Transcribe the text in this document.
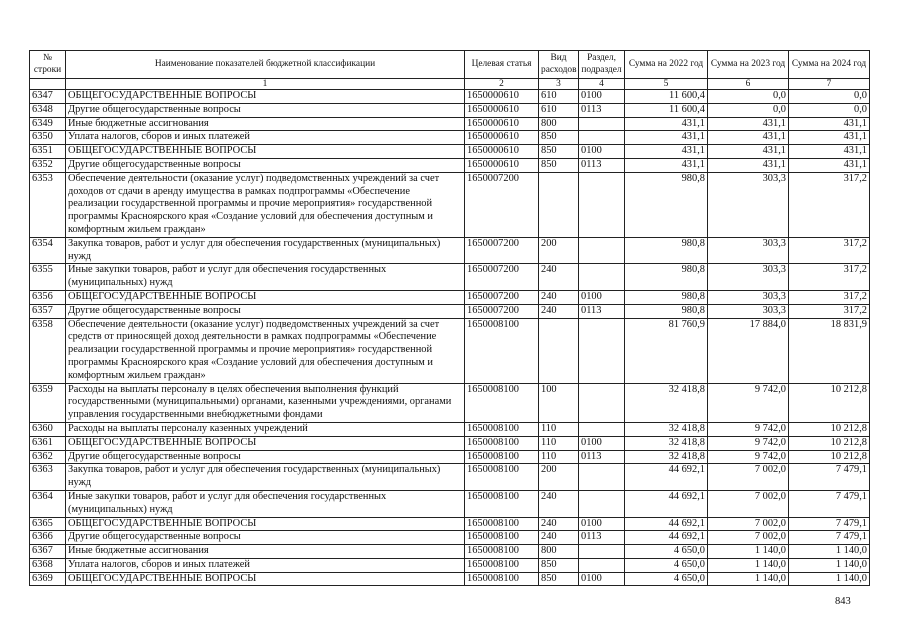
№
строки	Наименование показателей бюджетной классификации	Целевая статья	Вид расходов	Раздел, подраздел	Сумма на 2022 год	Сумма на 2023 год	Сумма на 2024 год
	1	2	3	4	5	6	7
6347	ОБЩЕГОСУДАРСТВЕННЫЕ ВОПРОСЫ	1650000610	610	0100	11 600,4	0,0	0,0
6348	Другие общегосударственные вопросы	1650000610	610	0113	11 600,4	0,0	0,0
6349	Иные бюджетные ассигнования	1650000610	800		431,1	431,1	431,1
6350	Уплата налогов, сборов и иных платежей	1650000610	850		431,1	431,1	431,1
6351	ОБЩЕГОСУДАРСТВЕННЫЕ ВОПРОСЫ	1650000610	850	0100	431,1	431,1	431,1
6352	Другие общегосударственные вопросы	1650000610	850	0113	431,1	431,1	431,1
6353	Обеспечение деятельности (оказание услуг) подведомственных учреждений за счет доходов от сдачи в аренду имущества в рамках подпрограммы «Обеспечение реализации государственной программы и прочие мероприятия» государственной программы Красноярского края «Создание условий для обеспечения доступным и комфортным жильем граждан»	1650007200			980,8	303,3	317,2
6354	Закупка товаров, работ и услуг для обеспечения государственных (муниципальных) нужд	1650007200	200		980,8	303,3	317,2
6355	Иные закупки товаров, работ и услуг для обеспечения государственных (муниципальных) нужд	1650007200	240		980,8	303,3	317,2
6356	ОБЩЕГОСУДАРСТВЕННЫЕ ВОПРОСЫ	1650007200	240	0100	980,8	303,3	317,2
6357	Другие общегосударственные вопросы	1650007200	240	0113	980,8	303,3	317,2
6358	Обеспечение деятельности (оказание услуг) подведомственных учреждений за счет средств от приносящей доход деятельности в рамках подпрограммы «Обеспечение реализации государственной программы и прочие мероприятия» государственной программы Красноярского края «Создание условий для обеспечения доступным и комфортным жильем граждан»	1650008100			81 760,9	17 884,0	18 831,9
6359	Расходы на выплаты персоналу в целях обеспечения выполнения функций государственными (муниципальными) органами, казенными учреждениями, органами управления государственными внебюджетными фондами	1650008100	100		32 418,8	9 742,0	10 212,8
6360	Расходы на выплаты персоналу казенных учреждений	1650008100	110		32 418,8	9 742,0	10 212,8
6361	ОБЩЕГОСУДАРСТВЕННЫЕ ВОПРОСЫ	1650008100	110	0100	32 418,8	9 742,0	10 212,8
6362	Другие общегосударственные вопросы	1650008100	110	0113	32 418,8	9 742,0	10 212,8
6363	Закупка товаров, работ и услуг для обеспечения государственных (муниципальных) нужд	1650008100	200		44 692,1	7 002,0	7 479,1
6364	Иные закупки товаров, работ и услуг для обеспечения государственных (муниципальных) нужд	1650008100	240		44 692,1	7 002,0	7 479,1
6365	ОБЩЕГОСУДАРСТВЕННЫЕ ВОПРОСЫ	1650008100	240	0100	44 692,1	7 002,0	7 479,1
6366	Другие общегосударственные вопросы	1650008100	240	0113	44 692,1	7 002,0	7 479,1
6367	Иные бюджетные ассигнования	1650008100	800		4 650,0	1 140,0	1 140,0
6368	Уплата налогов, сборов и иных платежей	1650008100	850		4 650,0	1 140,0	1 140,0
6369	ОБЩЕГОСУДАРСТВЕННЫЕ ВОПРОСЫ	1650008100	850	0100	4 650,0	1 140,0	1 140,0
843
